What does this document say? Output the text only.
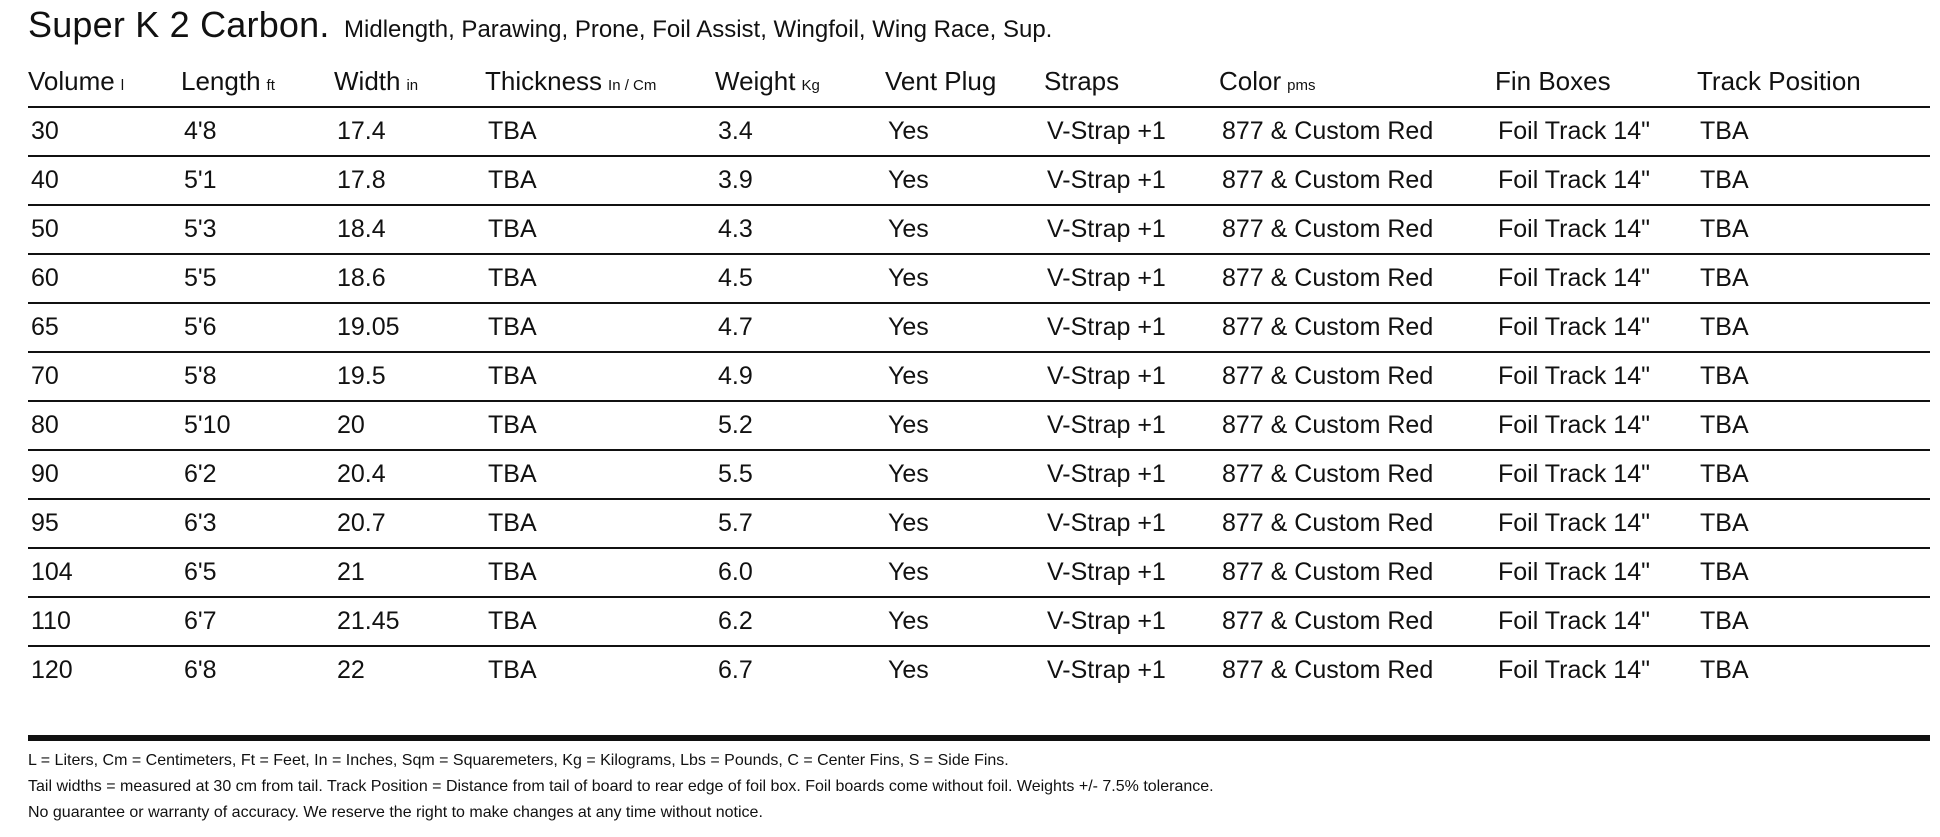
Super K 2 Carbon. Midlength, Parawing, Prone, Foil Assist, Wingfoil, Wing Race, Sup.
Volume l	Length ft	Width in	Thickness In / Cm	Weight Kg	Vent Plug	Straps	Color pms	Fin Boxes	Track Position
30	4'8	17.4	TBA	3.4	Yes	V-Strap +1	877 & Custom Red	Foil Track 14"	TBA
40	5'1	17.8	TBA	3.9	Yes	V-Strap +1	877 & Custom Red	Foil Track 14"	TBA
50	5'3	18.4	TBA	4.3	Yes	V-Strap +1	877 & Custom Red	Foil Track 14"	TBA
60	5'5	18.6	TBA	4.5	Yes	V-Strap +1	877 & Custom Red	Foil Track 14"	TBA
65	5'6	19.05	TBA	4.7	Yes	V-Strap +1	877 & Custom Red	Foil Track 14"	TBA
70	5'8	19.5	TBA	4.9	Yes	V-Strap +1	877 & Custom Red	Foil Track 14"	TBA
80	5'10	20	TBA	5.2	Yes	V-Strap +1	877 & Custom Red	Foil Track 14"	TBA
90	6'2	20.4	TBA	5.5	Yes	V-Strap +1	877 & Custom Red	Foil Track 14"	TBA
95	6'3	20.7	TBA	5.7	Yes	V-Strap +1	877 & Custom Red	Foil Track 14"	TBA
104	6'5	21	TBA	6.0	Yes	V-Strap +1	877 & Custom Red	Foil Track 14"	TBA
110	6'7	21.45	TBA	6.2	Yes	V-Strap +1	877 & Custom Red	Foil Track 14"	TBA
120	6'8	22	TBA	6.7	Yes	V-Strap +1	877 & Custom Red	Foil Track 14"	TBA
L = Liters, Cm = Centimeters, Ft = Feet, In = Inches, Sqm = Squaremeters, Kg = Kilograms, Lbs = Pounds, C = Center Fins, S = Side Fins.
Tail widths = measured at 30 cm from tail. Track Position = Distance from tail of board to rear edge of foil box. Foil boards come without foil. Weights +/- 7.5% tolerance.
No guarantee or warranty of accuracy. We reserve the right to make changes at any time without notice.
